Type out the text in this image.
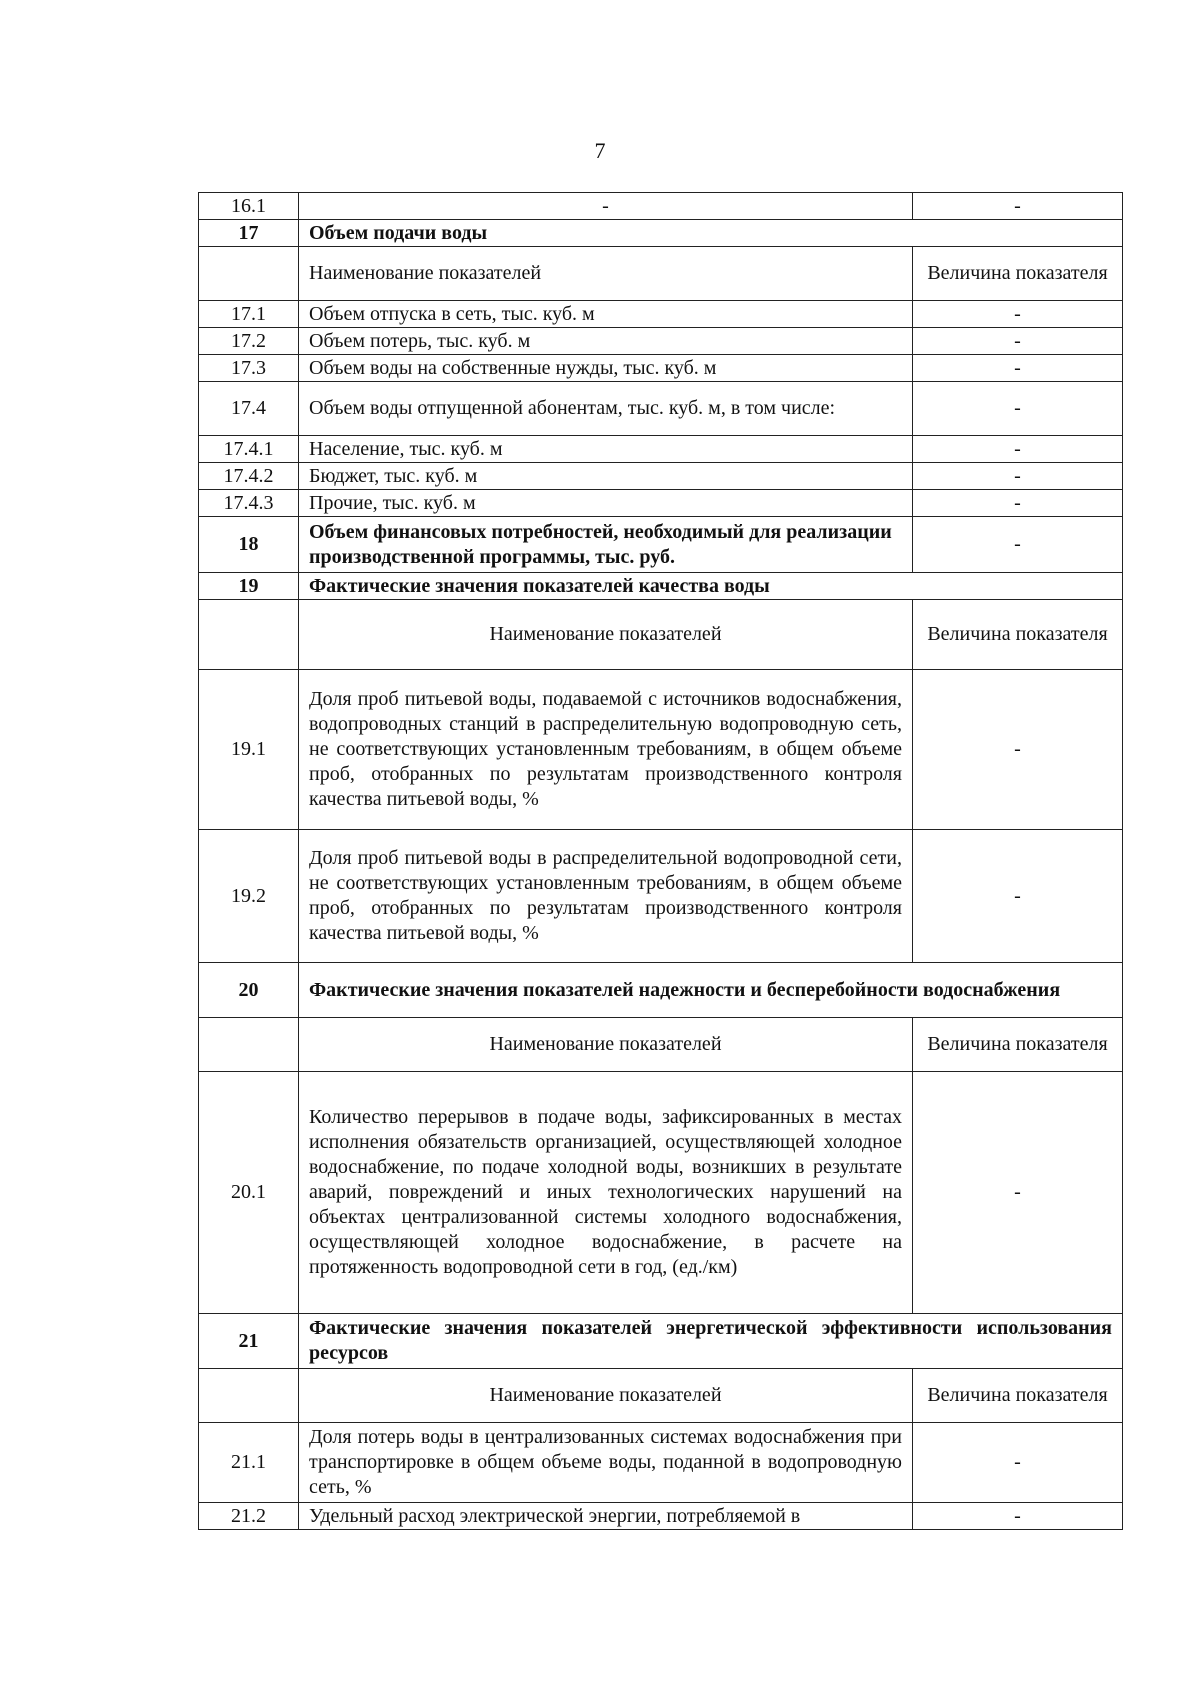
7
16.1	-	-
17	Объем подачи воды	
	Наименование показателей	Величина показателя
17.1	Объем отпуска в сеть, тыс. куб. м	-
17.2	Объем потерь, тыс. куб. м	-
17.3	Объем воды на собственные нужды, тыс. куб. м	-
17.4	Объем воды отпущенной абонентам, тыс. куб. м, в том числе:	-
17.4.1	Население, тыс. куб. м	-
17.4.2	Бюджет, тыс. куб. м	-
17.4.3	Прочие, тыс. куб. м	-
18	Объем финансовых потребностей, необходимый для реализации производственной программы, тыс. руб.	-
19	Фактические значения показателей качества воды	
	Наименование показателей	Величина показателя
19.1	Доля проб питьевой воды, подаваемой с источников водоснабжения, водопроводных станций в распределительную водопроводную сеть, не соответствующих установленным требованиям, в общем объеме проб, отобранных по результатам производственного контроля качества питьевой воды, %	-
19.2	Доля проб питьевой воды в распределительной водопроводной сети, не соответствующих установленным требованиям, в общем объеме проб, отобранных по результатам производственного контроля качества питьевой воды, %	-
20	Фактические значения показателей надежности и бесперебойности водоснабжения	
	Наименование показателей	Величина показателя
20.1	Количество перерывов в подаче воды, зафиксированных в местах исполнения обязательств организацией, осуществляющей холодное водоснабжение, по подаче холодной воды, возникших в результате аварий, повреждений и иных технологических нарушений на объектах централизованной системы холодного водоснабжения, осуществляющей холодное водоснабжение, в расчете на протяженность водопроводной сети в год, (ед./км)	-
21	Фактические значения показателей энергетической эффективности использования ресурсов	
	Наименование показателей	Величина показателя
21.1	Доля потерь воды в централизованных системах водоснабжения при транспортировке в общем объеме воды, поданной в водопроводную сеть, %	-
21.2	Удельный расход электрической энергии, потребляемой в	-
